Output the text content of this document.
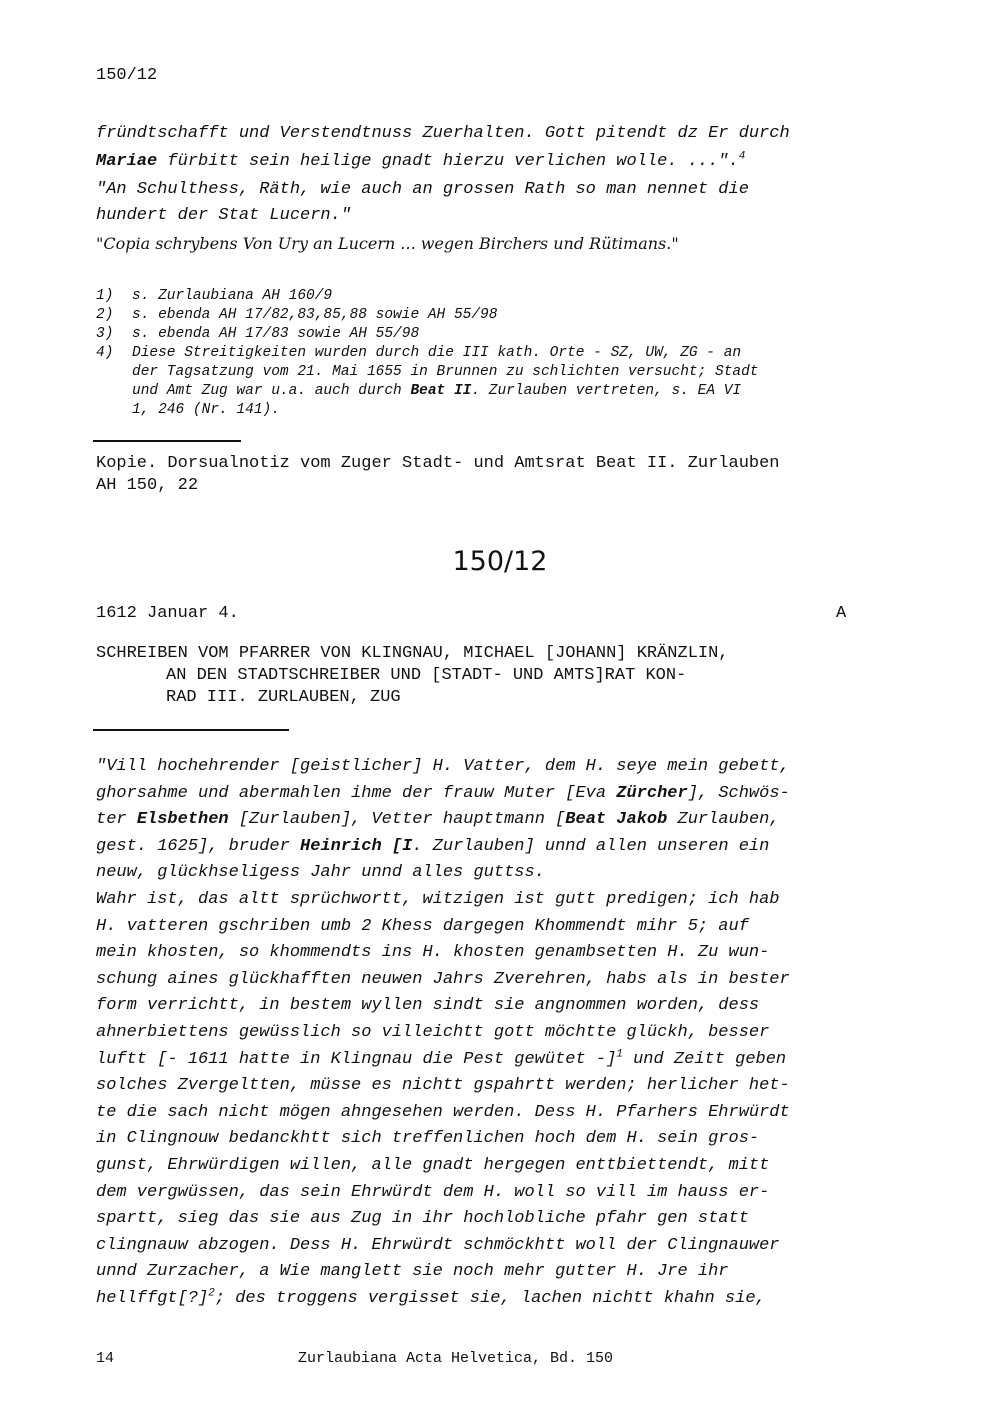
150/12
fründtschafft und Verstendtnuss Zuerhalten. Gott pitendt dz Er durch
Mariae fürbitt sein heilige gnadt hierzu verlichen wolle. ...".$^4$
"An Schulthess, Räth, wie auch an grossen Rath so man nennet die
hundert der Stat Lucern."
"Copia schrybens Von Ury an Lucern ... wegen Birchers und Rütimans."
1) s. Zurlaubiana AH 160/9
2) s. ebenda AH 17/82,83,85,88 sowie AH 55/98
3) s. ebenda AH 17/83 sowie AH 55/98
4) Diese Streitigkeiten wurden durch die III kath. Orte - SZ, UW, ZG - an
der Tagsatzung vom 21. Mai 1655 in Brunnen zu schlichten versucht; Stadt
und Amt Zug war u.a. auch durch Beat II. Zurlauben vertreten, s. EA VI
1, 246 (Nr. 141).
Kopie. Dorsualnotiz vom Zuger Stadt- und Amtsrat Beat II. Zurlauben
AH 150, 22
150/12
1612 Januar 4.	A
SCHREIBEN VOM PFARRER VON KLINGNAU, MICHAEL [JOHANN] KRÄNZLIN,
AN DEN STADTSCHREIBER UND [STADT- UND AMTS]RAT KON-
RAD III. ZURLAUBEN, ZUG
"Vill hochehrender [geistlicher] H. Vatter, dem H. seye mein gebett,
ghorsahme und abermahlen ihme der frauw Muter [Eva Zürcher], Schwös-
ter Elsbethen [Zurlauben], Vetter haupttmann [Beat Jakob Zurlauben,
gest. 1625], bruder Heinrich [I. Zurlauben] unnd allen unseren ein
neuw, glückhseligess Jahr unnd alles guttss.
Wahr ist, das altt sprüchwortt, witzigen ist gutt predigen; ich hab
H. vatteren gschriben umb 2 Khess dargegen Khommendt mihr 5; auf
mein khosten, so khommendts ins H. khosten genambsetten H. Zu wun-
schung aines glückhafften neuwen Jahrs Zverehren, habs als in bester
form verrichtt, in bestem wyllen sindt sie angnommen worden, dess
ahnerbiettens gewüsslich so villeichtt gott möchtte glückh, besser
luftt [- 1611 hatte in Klingnau die Pest gewütet -]$^1$ und Zeitt geben
solches Zvergeltten, müsse es nichtt gspahrtt werden; herlicher het-
te die sach nicht mögen ahngesehen werden. Dess H. Pfarhers Ehrwürdt
in Clingnouw bedanckhtt sich treffenlichen hoch dem H. sein gros-
gunst, Ehrwürdigen willen, alle gnadt hergegen enttbiettendt, mitt
dem vergwüssen, das sein Ehrwürdt dem H. woll so vill im hauss er-
spartt, sieg das sie aus Zug in ihr hochlobliche pfahr gen statt
clingnauw abzogen. Dess H. Ehrwürdt schmöckhtt woll der Clingnauwer
unnd Zurzacher, a Wie manglett sie noch mehr gutter H. Jre ihr
hellffgt[?]$^2$; des troggens vergisset sie, lachen nichtt khahn sie,
14	Zurlaubiana Acta Helvetica, Bd. 150
